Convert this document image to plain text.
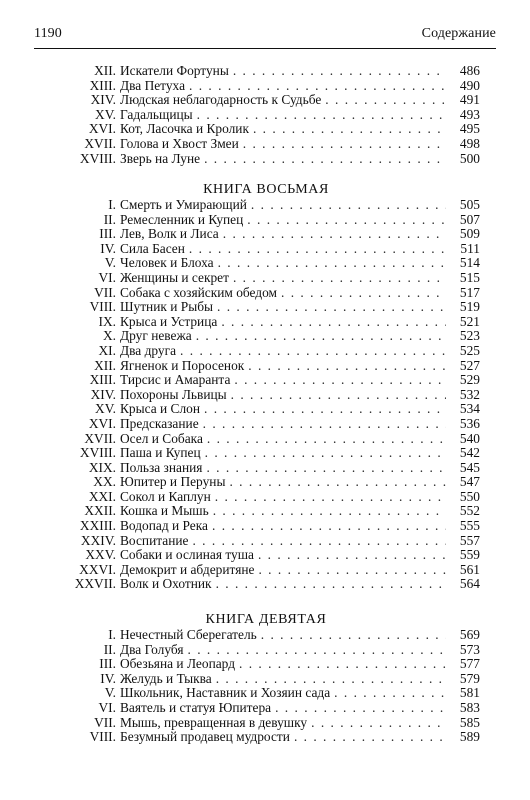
1190	Содержание
XII. Искатели Фортуны . . .	486
XIII. Два Петуха . . .	490
XIV. Людская неблагодарность к Судьбе . . .	491
XV. Гадальщицы . . .	493
XVI. Кот, Ласочка и Кролик . . .	495
XVII. Голова и Хвост Змеи . . .	498
XVIII. Зверь на Луне . . .	500
КНИГА ВОСЬМАЯ
I. Смерть и Умирающий . . .	505
II. Ремесленник и Купец . . .	507
III. Лев, Волк и Лиса . . .	509
IV. Сила Басен . . .	511
V. Человек и Блоха . . .	514
VI. Женщины и секрет . . .	515
VII. Собака с хозяйским обедом . . .	517
VIII. Шутник и Рыбы . . .	519
IX. Крыса и Устрица . . .	521
X. Друг невежа . . .	523
XI. Два друга . . .	525
XII. Ягненок и Поросенок . . .	527
XIII. Тирсис и Амаранта . . .	529
XIV. Похороны Львицы . . .	532
XV. Крыса и Слон . . .	534
XVI. Предсказание . . .	536
XVII. Осел и Собака . . .	540
XVIII. Паша и Купец . . .	542
XIX. Польза знания . . .	545
XX. Юпитер и Перуны . . .	547
XXI. Сокол и Каплун . . .	550
XXII. Кошка и Мышь . . .	552
XXIII. Водопад и Река . . .	555
XXIV. Воспитание . . .	557
XXV. Собаки и ослиная туша . . .	559
XXVI. Демокрит и абдеритяне . . .	561
XXVII. Волк и Охотник . . .	564
КНИГА ДЕВЯТАЯ
I. Нечестный Сберегатель . . .	569
II. Два Голубя . . .	573
III. Обезьяна и Леопард . . .	577
IV. Желудь и Тыква . . .	579
V. Школьник, Наставник и Хозяин сада . . .	581
VI. Ваятель и статуя Юпитера . . .	583
VII. Мышь, превращенная в девушку . . .	585
VIII. Безумный продавец мудрости . . .	589
